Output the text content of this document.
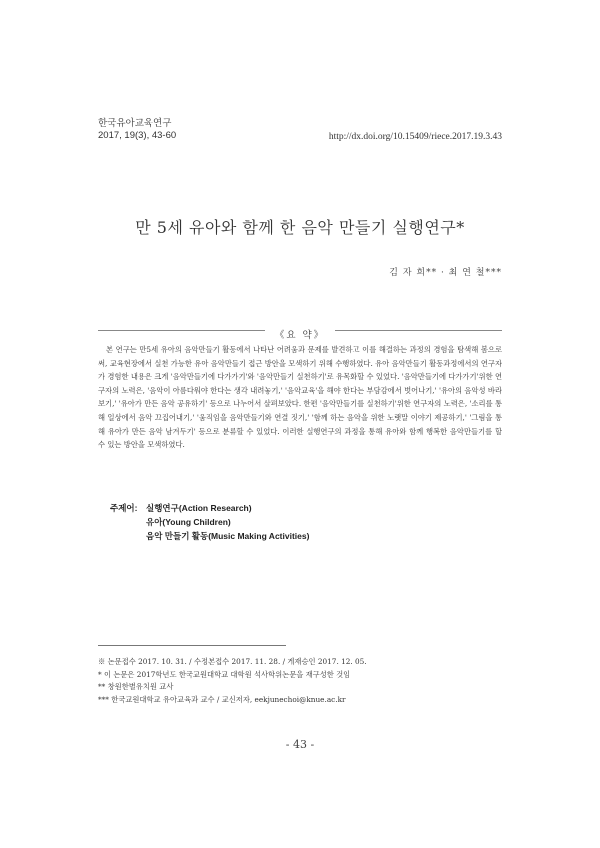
한국유아교육연구
2017, 19(3), 43-60	http://dx.doi.org/10.15409/riece.2017.19.3.43
만 5세 유아와 함께 한 음악 만들기 실행연구*
김 자 희** · 최 연 철***
《요 약》

본 연구는 만5세 유아의 음악만들기 활동에서 나타난 어려움과 문제를 발견하고 이를 해결하는 과정의 경험을 탐색해 봄으로써, 교육현장에서 실천 가능한 유아 음악만들기 접근 방안을 모색하기 위해 수행하였다. 유아 음악만들기 활동과정에서의 연구자가 경험한 내용은 크게 '음악만들기에 다가가기'와 '음악만들기 실천하기'로 유목화할 수 있었다. '음악만들기에 다가가기'위한 연구자의 노력은, '음악이 아름다워야 한다는 생각 내려놓기,' '음악교육'을 해야 한다는 부담감에서 벗어나기,' '유아의 음악성 바라보기,' '유아가 만든 음악 공유하기' 등으로 나누어서 살펴보았다. 한편 '음악만들기를 실천하기'위한 연구자의 노력은, '소리를 통해 일상에서 음악 끄집어내기,' '움직임을 음악만들기와 연결 짓기,' '함께 하는 음악을 위한 노랫말 이야기 제공하기,' '그림을 통해 유아가 만든 음악 남겨두기' 등으로 분류할 수 있었다. 이러한 실행연구의 과정을 통해 유아와 함께 행복한 음악만들기를 할 수 있는 방안을 모색하였다.

주제어: 실행연구(Action Research)
유아(Young Children)
음악 만들기 활동(Music Making Activities)
※ 논문접수 2017. 10. 31. / 수정본접수 2017. 11. 28. / 게재승인 2017. 12. 05.
* 이 논문은 2017학년도 한국교원대학교 대학원 석사학위논문을 재구성한 것임
** 창원한별유치원 교사
*** 한국교원대학교 유아교육과 교수 / 교신저자, eekjunechoi@knue.ac.kr
- 43 -
